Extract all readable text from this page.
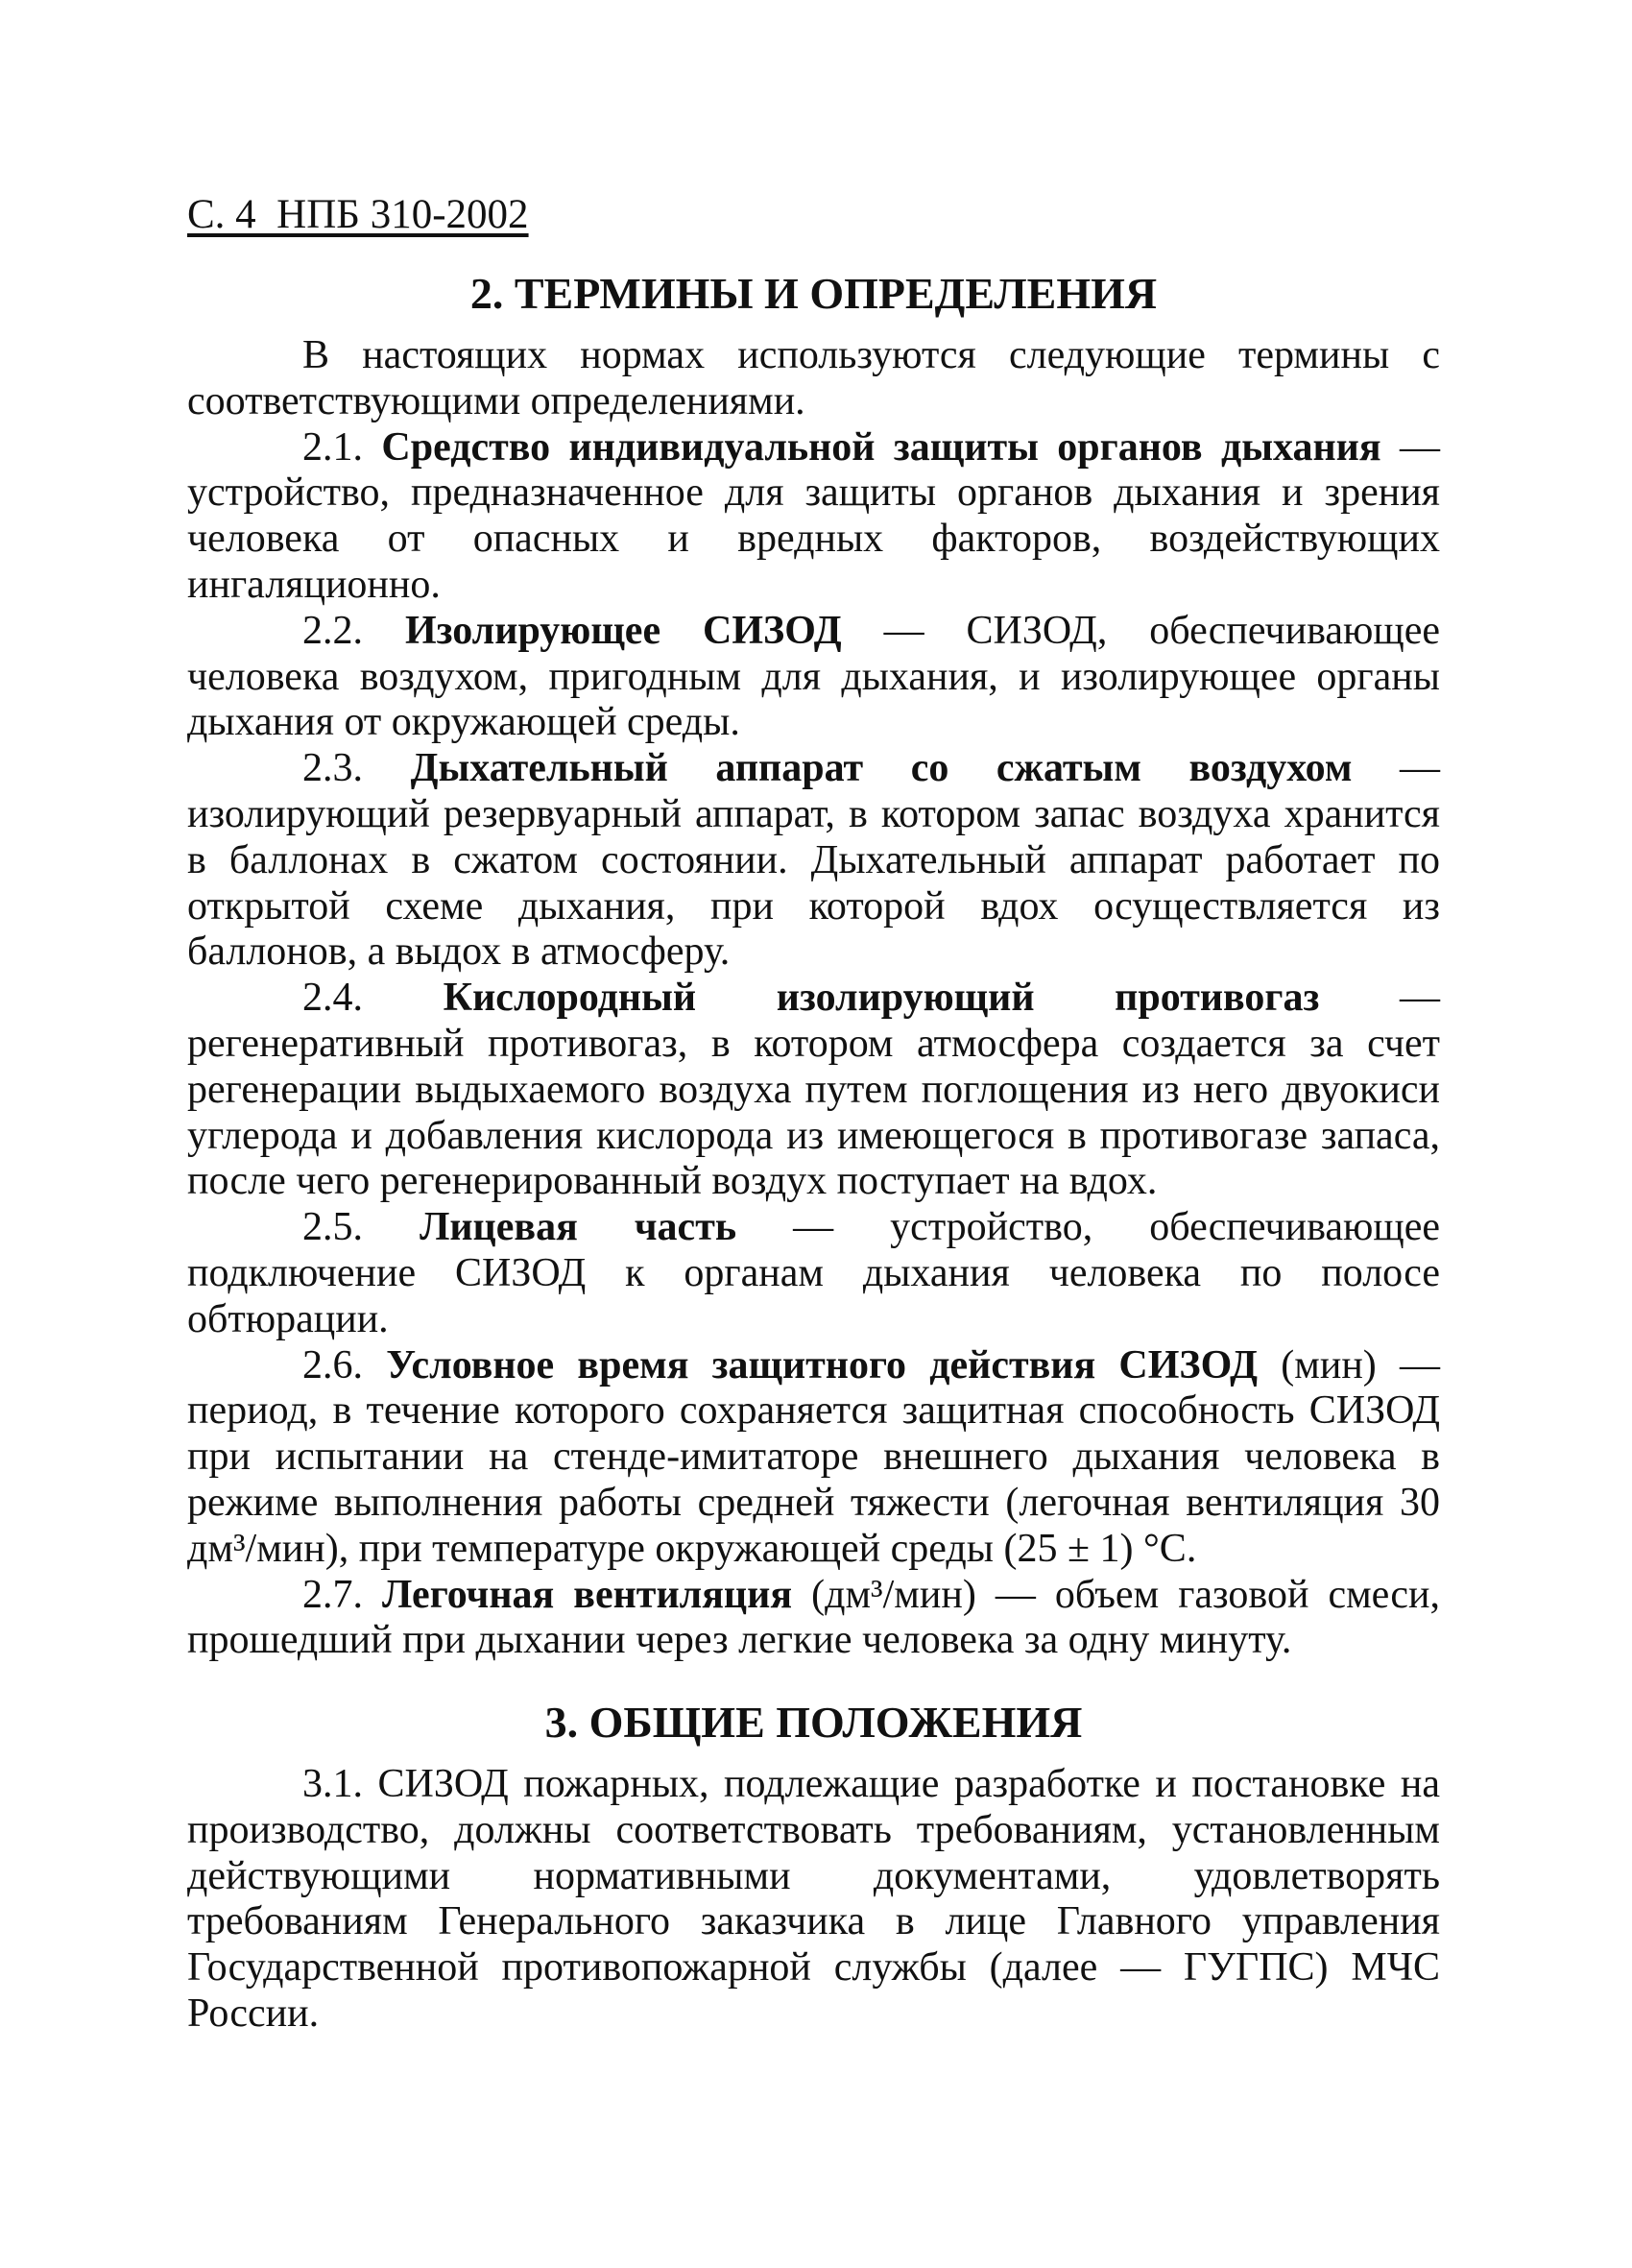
С. 4  НПБ 310-2002
2. ТЕРМИНЫ И ОПРЕДЕЛЕНИЯ

В настоящих нормах используются следующие термины с соответствующими определениями.

2.1. Средство индивидуальной защиты органов дыхания — устройство, предназначенное для защиты органов дыхания и зрения человека от опасных и вредных факторов, воздействующих ингаляционно.

2.2. Изолирующее СИЗОД — СИЗОД, обеспечивающее человека воздухом, пригодным для дыхания, и изолирующее органы дыхания от окружающей среды.

2.3. Дыхательный аппарат со сжатым воздухом — изолирующий резервуарный аппарат, в котором запас воздуха хранится в баллонах в сжатом состоянии. Дыхательный аппарат работает по открытой схеме дыхания, при которой вдох осуществляется из баллонов, а выдох в атмосферу.

2.4. Кислородный изолирующий противогаз — регенеративный противогаз, в котором атмосфера создается за счет регенерации выдыхаемого воздуха путем поглощения из него двуокиси углерода и добавления кислорода из имеющегося в противогазе запаса, после чего регенерированный воздух поступает на вдох.

2.5. Лицевая часть — устройство, обеспечивающее подключение СИЗОД к органам дыхания человека по полосе обтюрации.

2.6. Условное время защитного действия СИЗОД (мин) — период, в течение которого сохраняется защитная способность СИЗОД при испытании на стенде-имитаторе внешнего дыхания человека в режиме выполнения работы средней тяжести (легочная вентиляция 30 дм³/мин), при температуре окружающей среды (25 ± 1) °С.

2.7. Легочная вентиляция (дм³/мин) — объем газовой смеси, прошедший при дыхании через легкие человека за одну минуту.

3. ОБЩИЕ ПОЛОЖЕНИЯ

3.1. СИЗОД пожарных, подлежащие разработке и постановке на производство, должны соответствовать требованиям, установленным действующими нормативными документами, удовлетворять требованиям Генерального заказчика в лице Главного управления Государственной противопожарной службы (далее — ГУГПС) МЧС России.
